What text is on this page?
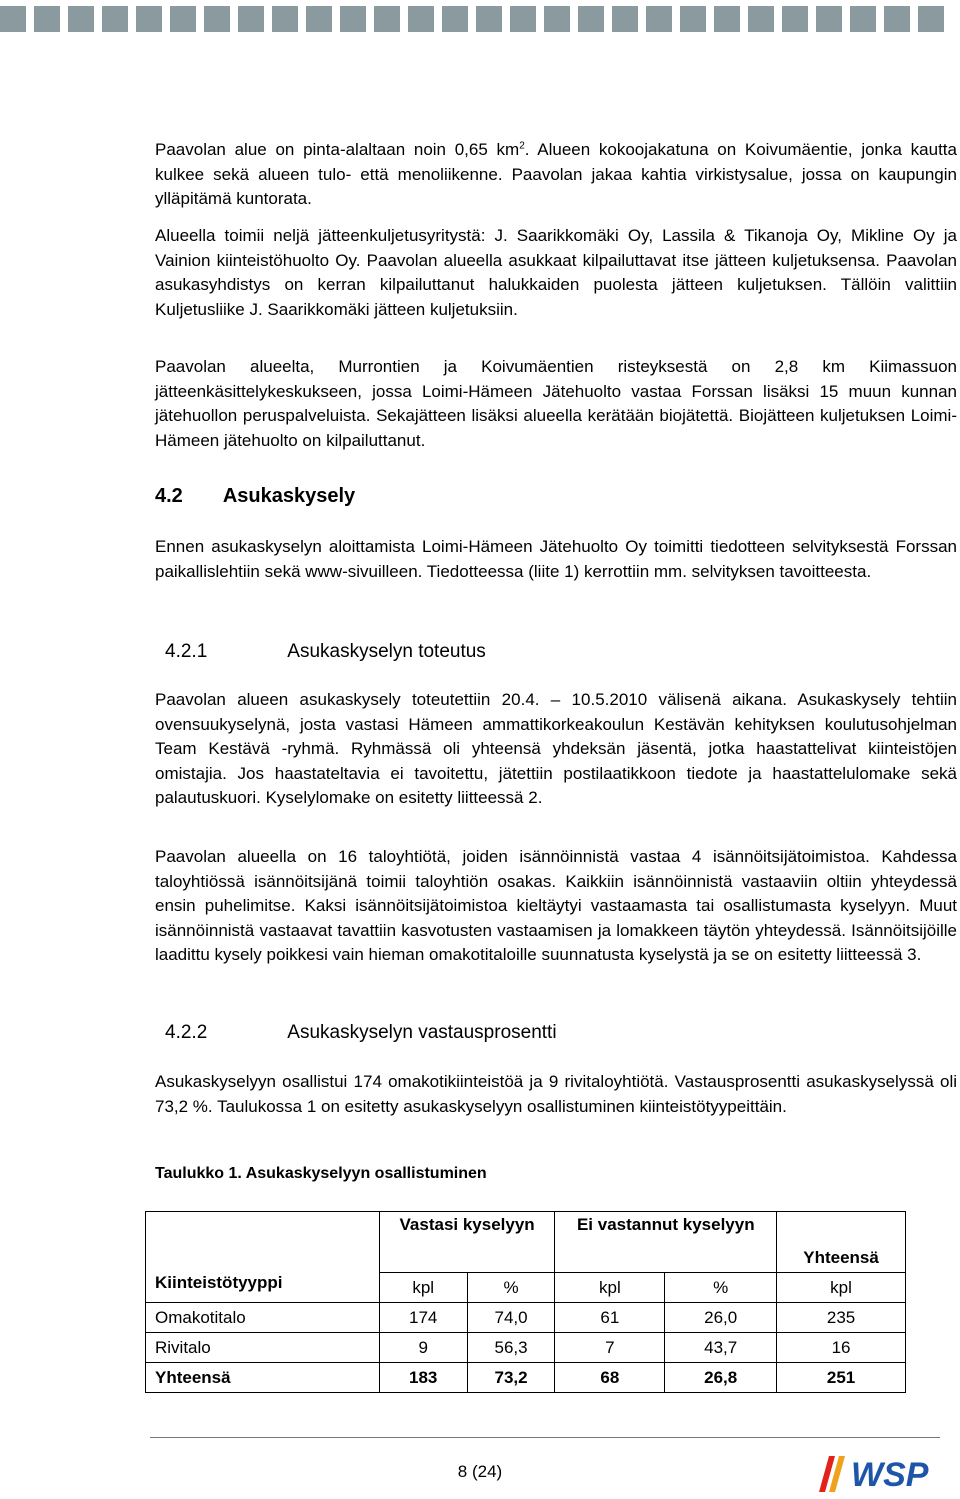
Paavolan alue on pinta-alaltaan noin 0,65 $km^2$. Alueen kokoojakatuna on Koivumäentie, jonka kautta kulkee sekä alueen tulo- että menoliikenne. Paavolan jakaa kahtia virkistysalue, jossa on kaupungin ylläpitämä kuntorata.

Alueella toimii neljä jätteenkuljetusyritystä: J. Saarikkomäki Oy, Lassila & Tikanoja Oy, Mikline Oy ja Vainion kiinteistöhuolto Oy. Paavolan alueella asukkaat kilpailuttavat itse jätteen kuljetuksensa. Paavolan asukasyhdistys on kerran kilpailuttanut halukkaiden puolesta jätteen kuljetuksen. Tällöin valittiin Kuljetusliike J. Saarikkomäki jätteen kuljetuksiin.

Paavolan alueelta, Murrontien ja Koivumäentien risteyksestä on 2,8 km Kiimassuon jätteenkäsittelykeskukseen, jossa Loimi-Hämeen Jätehuolto vastaa Forssan lisäksi 15 muun kunnan jätehuollon peruspalveluista. Sekajätteen lisäksi alueella kerätään biojätettä. Biojätteen kuljetuksen Loimi-Hämeen jätehuolto on kilpailuttanut.

4.2 Asukaskysely

Ennen asukaskyselyn aloittamista Loimi-Hämeen Jätehuolto Oy toimitti tiedotteen selvityksestä Forssan paikallislehtiin sekä www-sivuilleen. Tiedotteessa (liite 1) kerrottiin mm. selvityksen tavoitteesta.

4.2.1	Asukaskyselyn toteutus

Paavolan alueen asukaskysely toteutettiin 20.4. – 10.5.2010 välisenä aikana. Asukaskysely tehtiin ovensuukyselynä, josta vastasi Hämeen ammattikorkeakoulun Kestävän kehityksen koulutusohjelman Team Kestävä -ryhmä. Ryhmässä oli yhteensä yhdeksän jäsentä, jotka haastattelivat kiinteistöjen omistajia. Jos haastateltavia ei tavoitettu, jätettiin postilaatikkoon tiedote ja haastattelulomake sekä palautuskuori. Kyselylomake on esitetty liitteessä 2.

Paavolan alueella on 16 taloyhtiötä, joiden isännöinnistä vastaa 4 isännöitsijätoimistoa. Kahdessa taloyhtiössä isännöitsijänä toimii taloyhtiön osakas. Kaikkiin isännöinnistä vastaaviin oltiin yhteydessä ensin puhelimitse. Kaksi isännöitsijätoimistoa kieltäytyi vastaamasta tai osallistumasta kyselyyn. Muut isännöinnistä vastaavat tavattiin kasvotusten vastaamisen ja lomakkeen täytön yhteydessä. Isännöitsijöille laadittu kysely poikkesi vain hieman omakotitaloille suunnatusta kyselystä ja se on esitetty liitteessä 3.

4.2.2	Asukaskyselyn vastausprosentti

Asukaskyselyyn osallistui 174 omakotikiinteistöä ja 9 rivitaloyhtiötä. Vastausprosentti asukaskyselyssä oli 73,2 %. Taulukossa 1 on esitetty asukaskyselyyn osallistuminen kiinteistötyypeittäin.

Taulukko 1. Asukaskyselyyn osallistuminen
	Vastasi kyselyyn		Ei vastannut kyselyyn		Yhteensä
Kiinteistötyyppi	kpl	%	kpl	%	kpl
Omakotitalo	174	74,0	61	26,0	235
Rivitalo	9	56,3	7	43,7	16
Yhteensä	183	73,2	68	26,8	251
8 (24)	WSP
